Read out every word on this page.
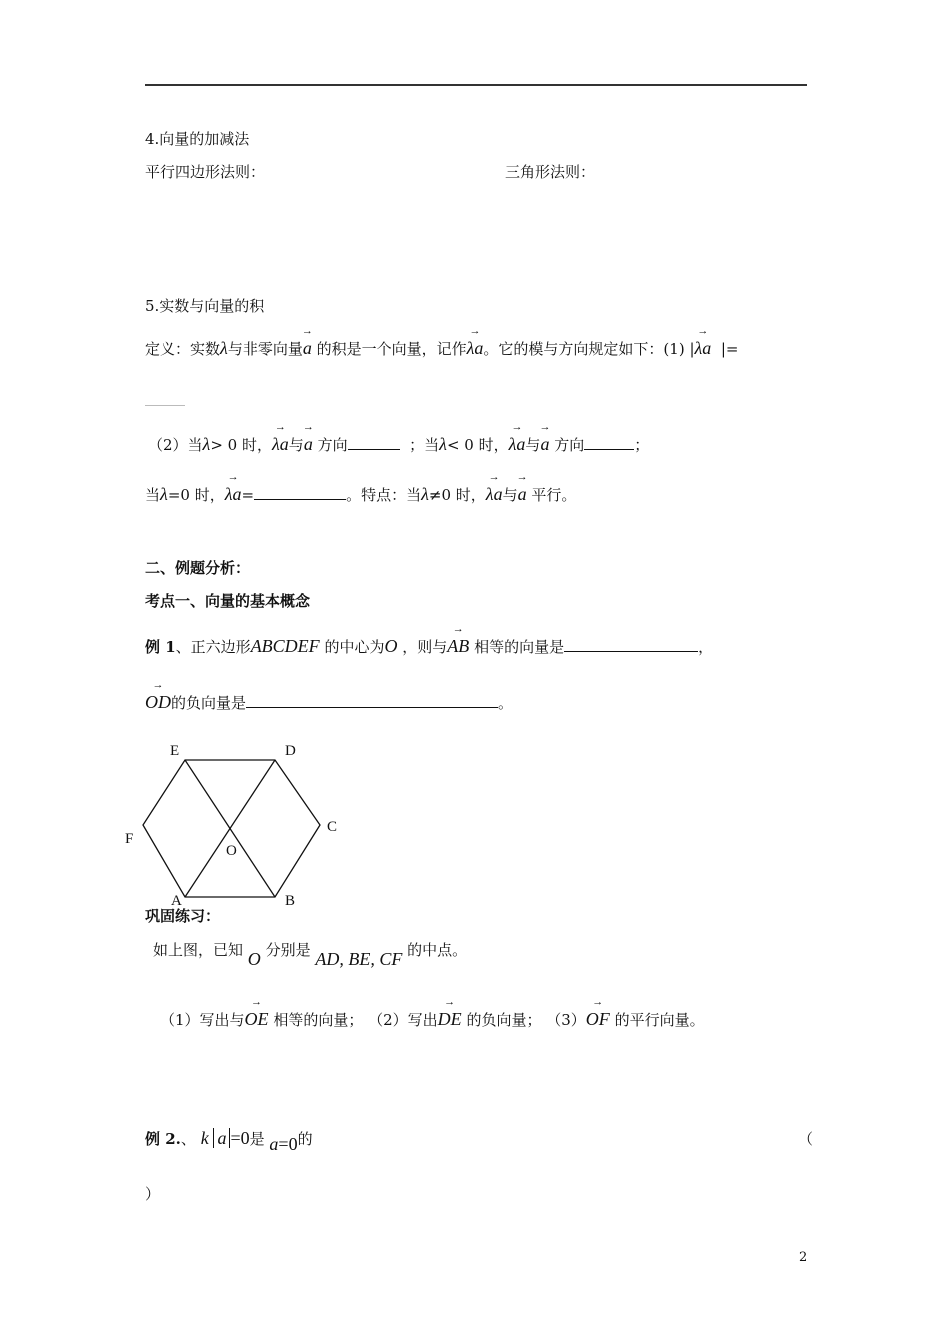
4.向量的加减法
平行四边形法则：	三角形法则：
5.实数与向量的积
定义：实数λ与非零向量
→
a 的积是一个向量，记作
→
λa。它的模与方向规定如下：(1) |
→
λa |=
（2）当λ> 0 时，
→
λa与
→
a 方向	；当λ< 0 时，
→
λa与
→
a 方向	；
当λ=0 时，
→
λa=	。特点：当λ≠0 时，
→
λa与
→
a 平行。
二、例题分析：
考点一、向量的基本概念
例 1、正六边形ABCDEF 的中心为O ，则与
→
AB 相等的向量是	，
→
OD的负向量是	。
E	D
C
B
A
F
O
巩固练习：
如上图，已知 O 分别是 AD, BE, CF 的中点。
（1）写出与
→
OE 相等的向量； （2）写出
→
DE 的负向量； （3）
→
OF 的平行向量。
例 2.、 k a =0是 a=0的	（
）
2
